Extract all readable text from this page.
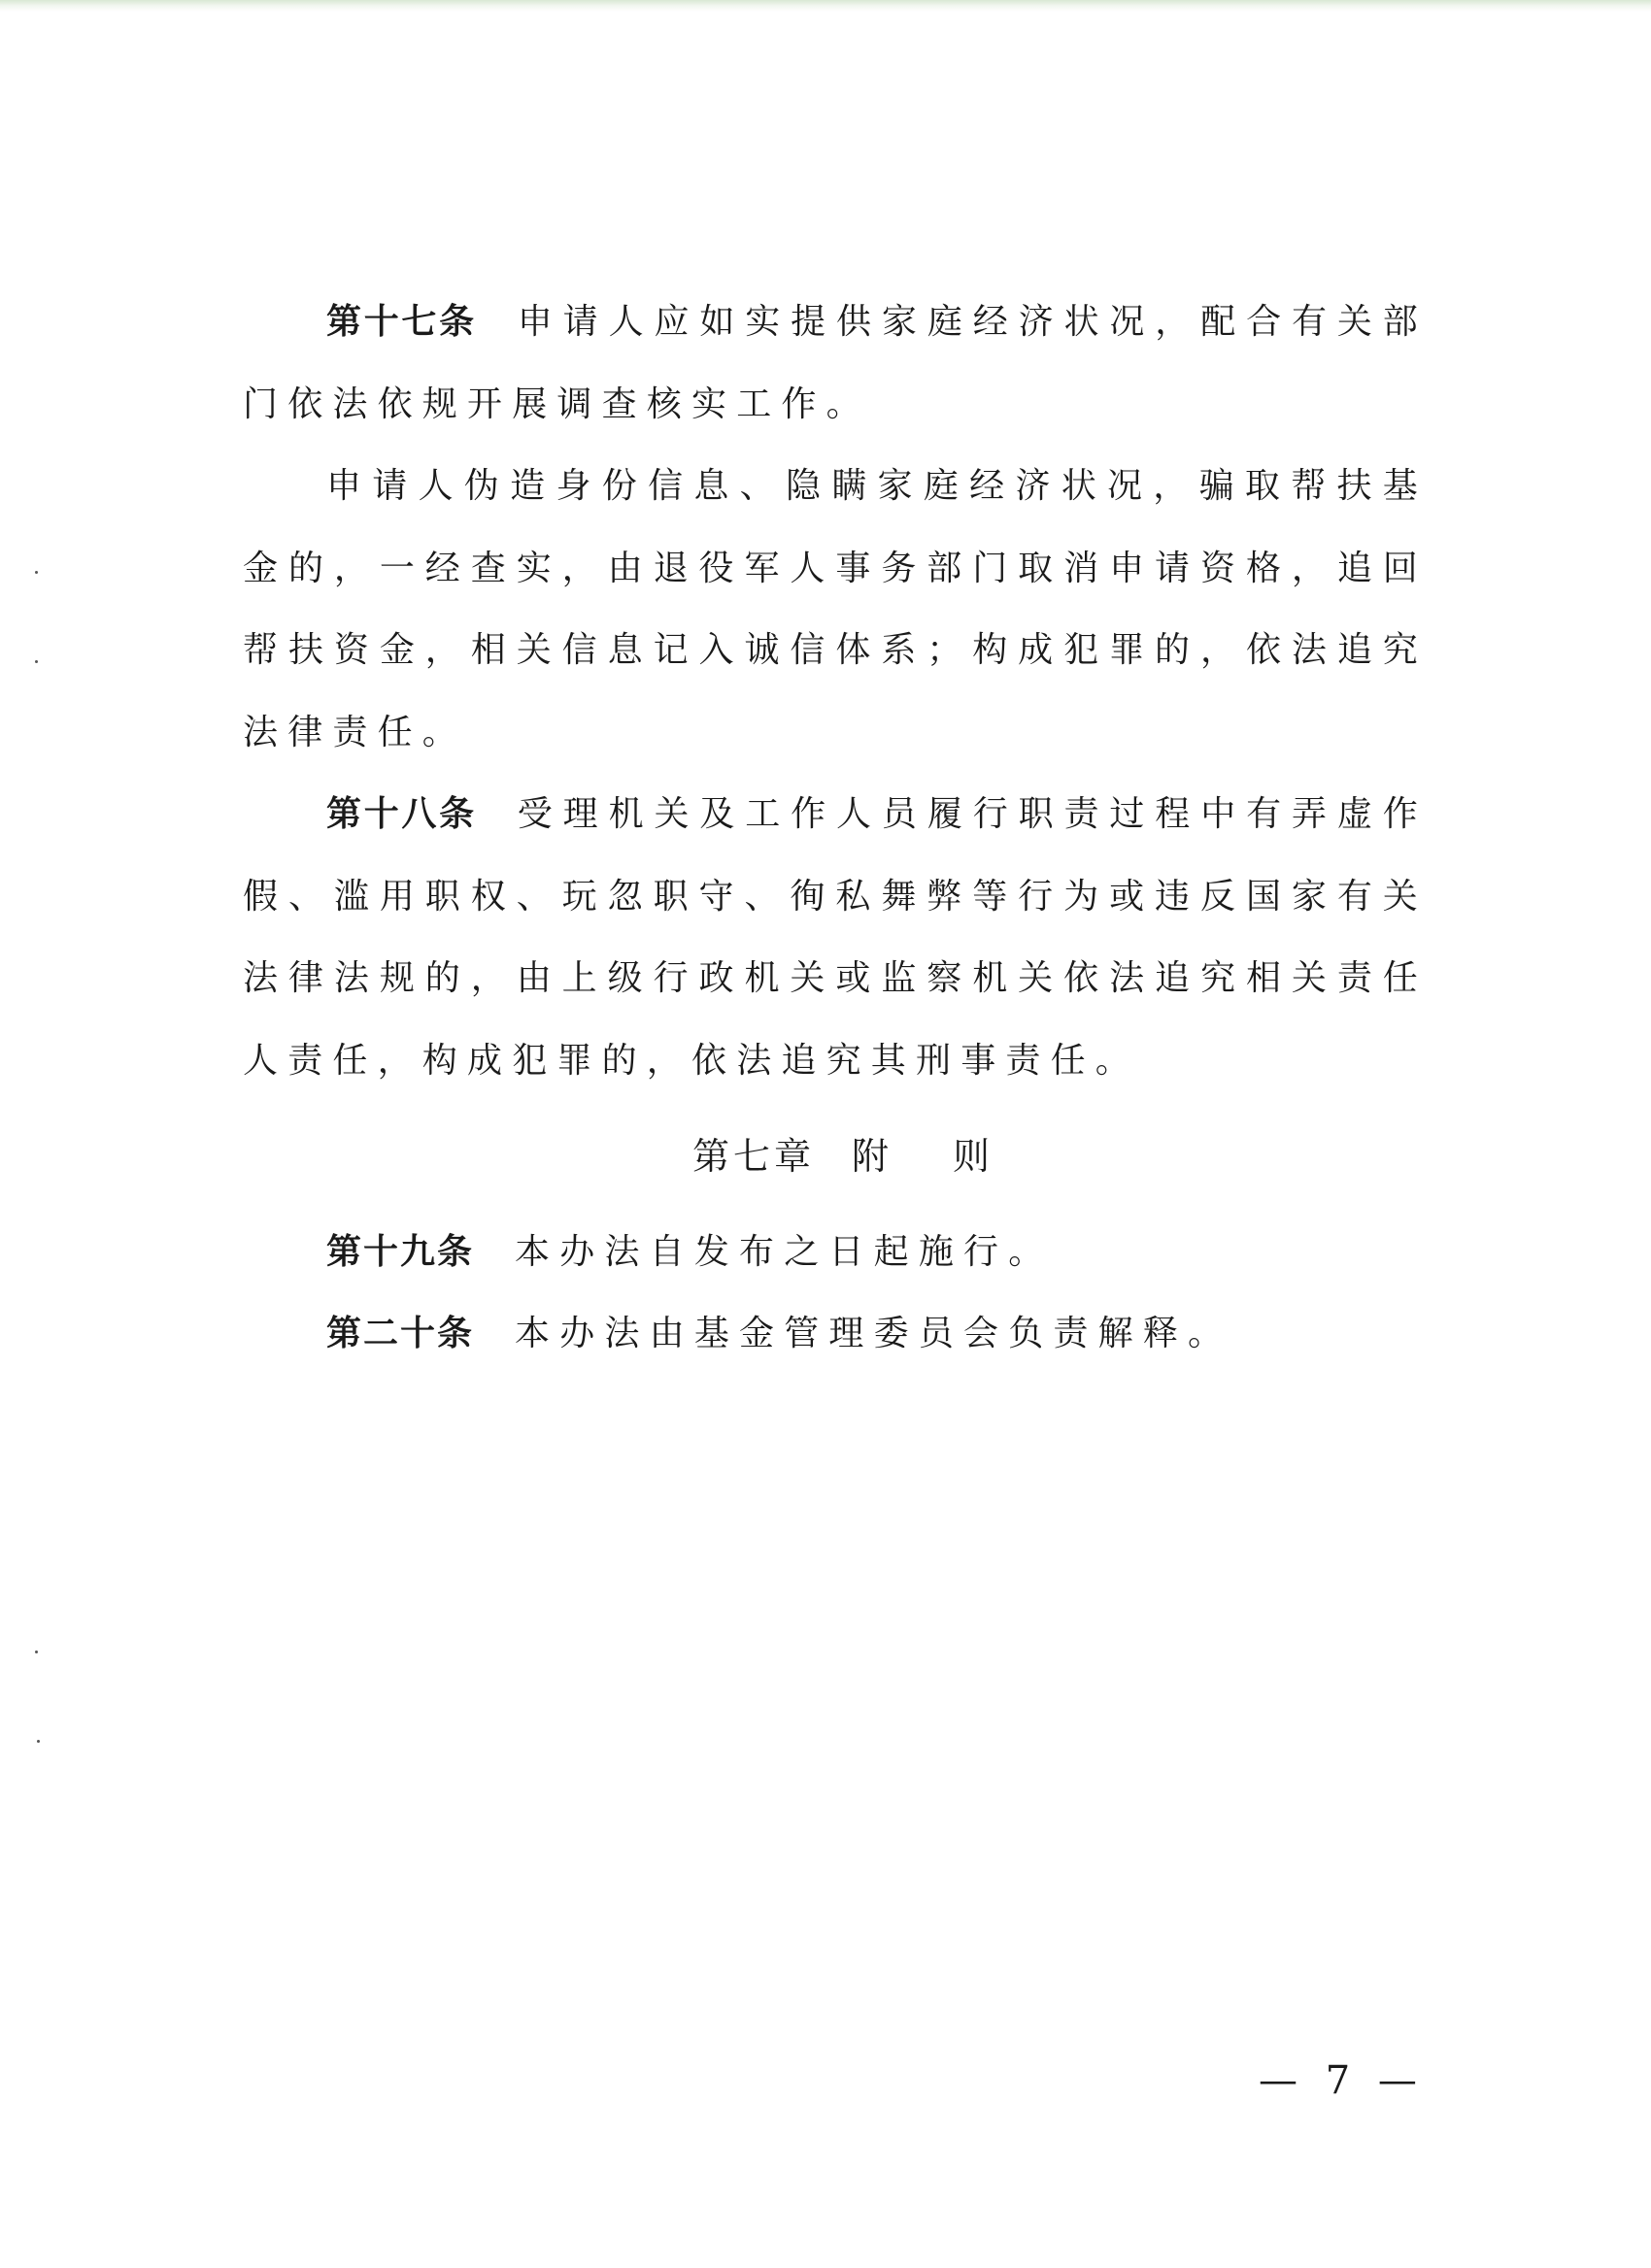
第十七条 申请人应如实提供家庭经济状况，配合有关部门依法依规开展调查核实工作。

申请人伪造身份信息、隐瞒家庭经济状况，骗取帮扶基金的，一经查实，由退役军人事务部门取消申请资格，追回帮扶资金，相关信息记入诚信体系；构成犯罪的，依法追究法律责任。

第十八条 受理机关及工作人员履行职责过程中有弄虚作假、滥用职权、玩忽职守、徇私舞弊等行为或违反国家有关法律法规的，由上级行政机关或监察机关依法追究相关责任人责任，构成犯罪的，依法追究其刑事责任。

第七章 附 则

第十九条 本办法自发布之日起施行。

第二十条 本办法由基金管理委员会负责解释。

— 7 —
